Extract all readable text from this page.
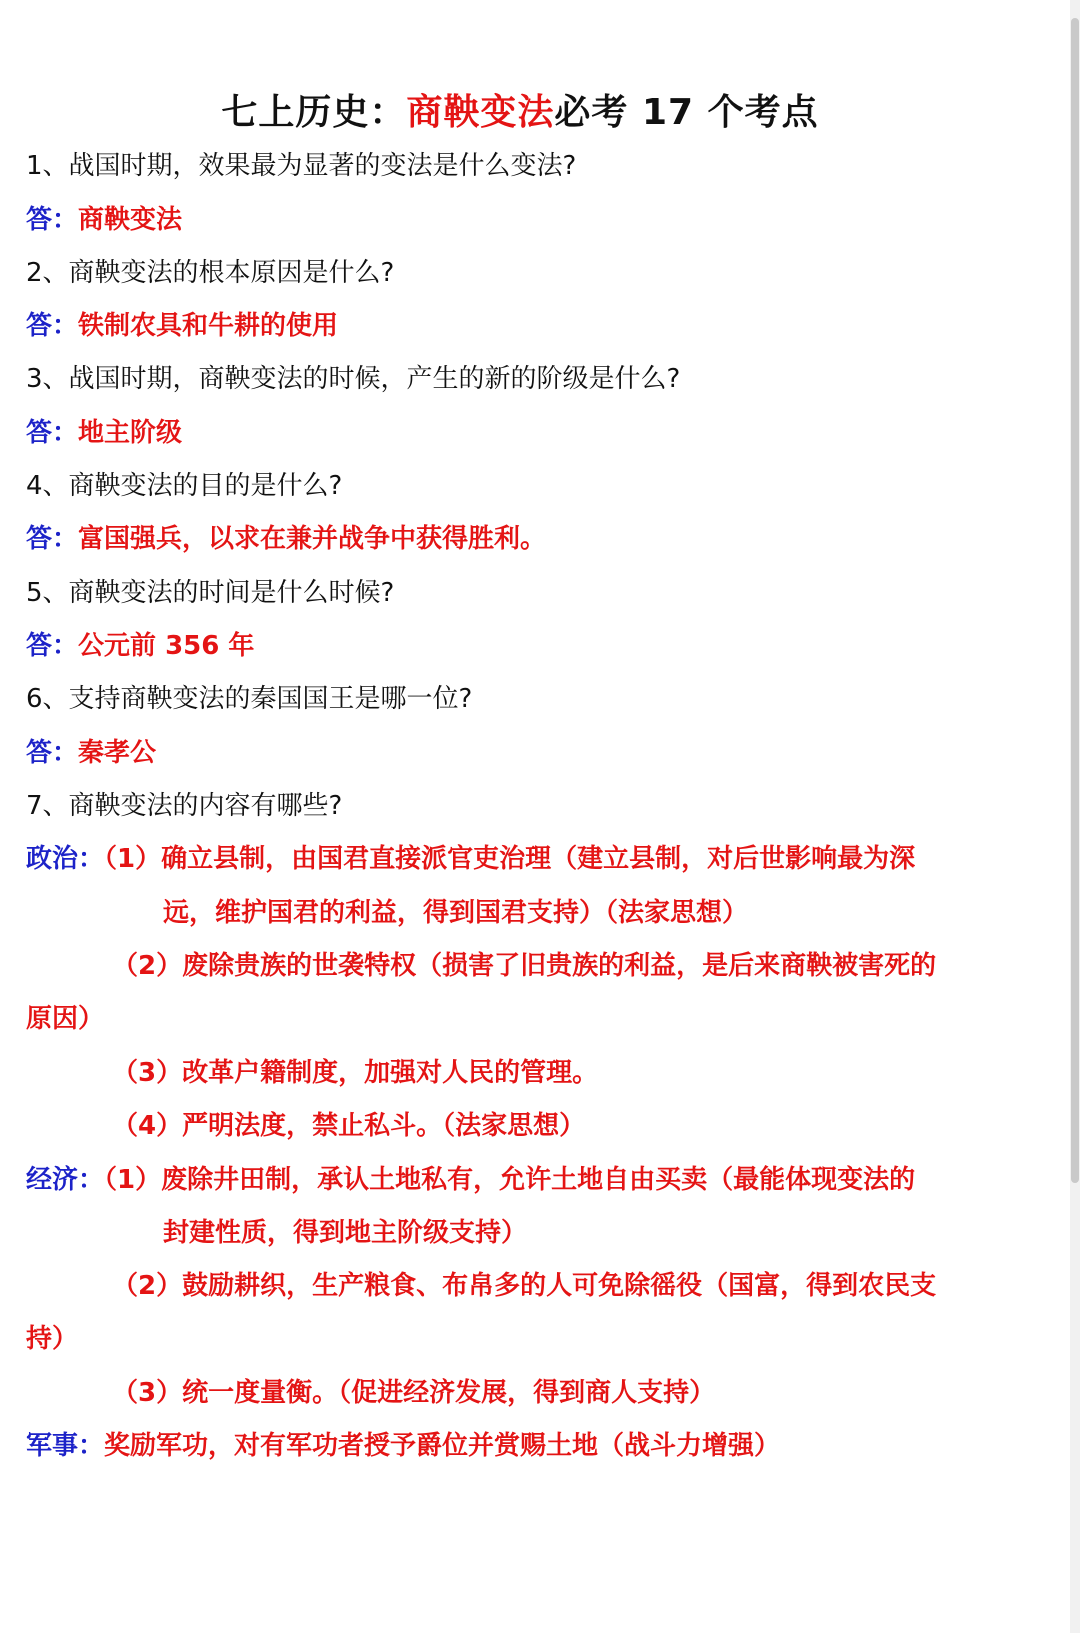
七上历史：商鞅变法必考 17 个考点
1、战国时期，效果最为显著的变法是什么变法?
答：商鞅变法
2、商鞅变法的根本原因是什么?
答：铁制农具和牛耕的使用
3、战国时期，商鞅变法的时候，产生的新的阶级是什么?
答：地主阶级
4、商鞅变法的目的是什么?
答：富国强兵，以求在兼并战争中获得胜利。
5、商鞅变法的时间是什么时候?
答：公元前 356 年
6、支持商鞅变法的秦国国王是哪一位?
答：秦孝公
7、商鞅变法的内容有哪些?
政治：（1）确立县制，由国君直接派官吏治理（建立县制，对后世影响最为深
远，维护国君的利益，得到国君支持）（法家思想）
（2）废除贵族的世袭特权（损害了旧贵族的利益，是后来商鞅被害死的
原因）
（3）改革户籍制度，加强对人民的管理。
（4）严明法度，禁止私斗。（法家思想）
经济：（1）废除井田制，承认土地私有，允许土地自由买卖（最能体现变法的
封建性质，得到地主阶级支持）
（2）鼓励耕织，生产粮食、布帛多的人可免除徭役（国富，得到农民支
持）
（3）统一度量衡。（促进经济发展，得到商人支持）
军事：奖励军功，对有军功者授予爵位并赏赐土地（战斗力增强）
